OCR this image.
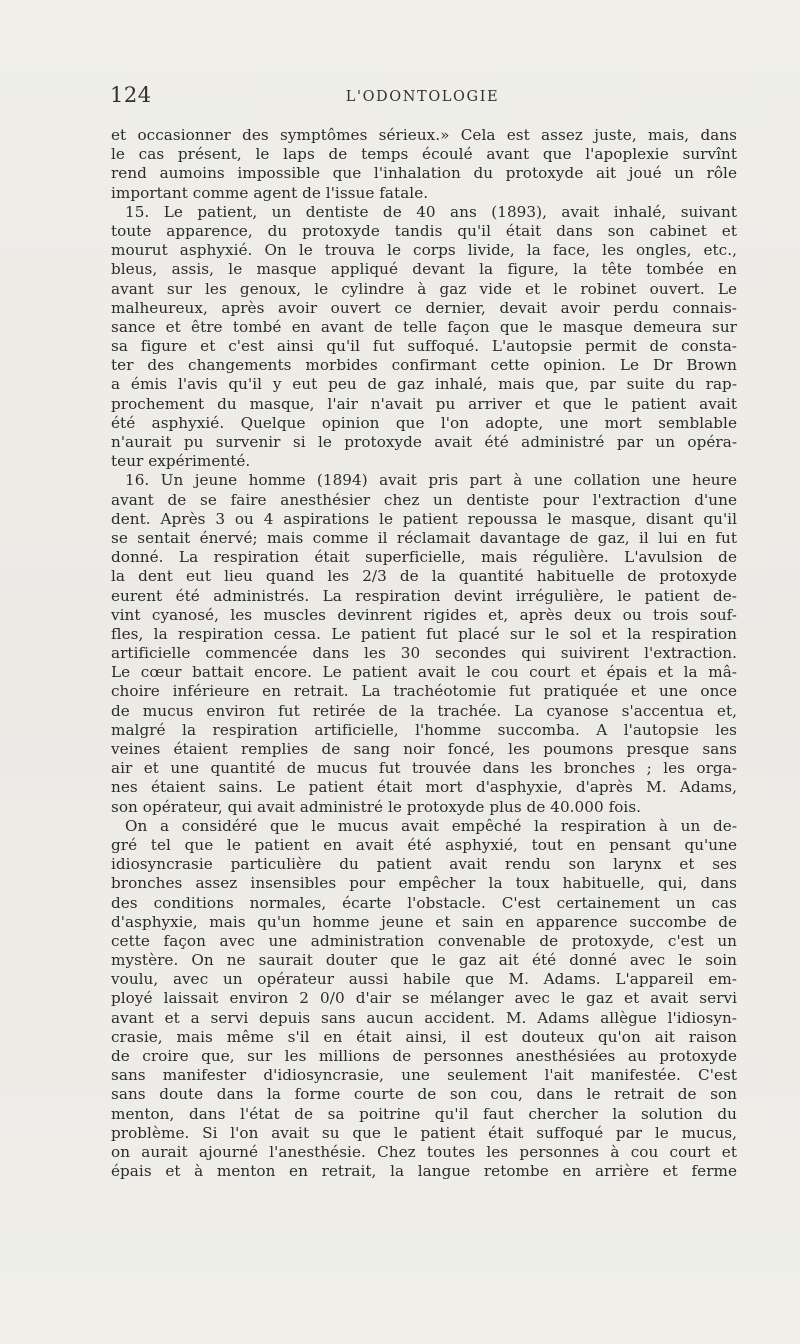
124	L'ODONTOLOGIE
et occasionner des symptômes sérieux.» Cela est assez juste, mais, dans
le cas présent, le laps de temps écoulé avant que l'apoplexie survînt
rend aumoins impossible que l'inhalation du protoxyde ait joué un rôle
important comme agent de l'issue fatale.
15. Le patient, un dentiste de 40 ans (1893), avait inhalé, suivant
toute apparence, du protoxyde tandis qu'il était dans son cabinet et
mourut asphyxié. On le trouva le corps livide, la face, les ongles, etc.,
bleus, assis, le masque appliqué devant la figure, la tête tombée en
avant sur les genoux, le cylindre à gaz vide et le robinet ouvert. Le
malheureux, après avoir ouvert ce dernier, devait avoir perdu connais-
sance et être tombé en avant de telle façon que le masque demeura sur
sa figure et c'est ainsi qu'il fut suffoqué. L'autopsie permit de consta-
ter des changements morbides confirmant cette opinion. Le Dr Brown
a émis l'avis qu'il y eut peu de gaz inhalé, mais que, par suite du rap-
prochement du masque, l'air n'avait pu arriver et que le patient avait
été asphyxié. Quelque opinion que l'on adopte, une mort semblable
n'aurait pu survenir si le protoxyde avait été administré par un opéra-
teur expérimenté.
16. Un jeune homme (1894) avait pris part à une collation une heure
avant de se faire anesthésier chez un dentiste pour l'extraction d'une
dent. Après 3 ou 4 aspirations le patient repoussa le masque, disant qu'il
se sentait énervé; mais comme il réclamait davantage de gaz, il lui en fut
donné. La respiration était superficielle, mais régulière. L'avulsion de
la dent eut lieu quand les 2/3 de la quantité habituelle de protoxyde
eurent été administrés. La respiration devint irrégulière, le patient de-
vint cyanosé, les muscles devinrent rigides et, après deux ou trois souf-
fles, la respiration cessa. Le patient fut placé sur le sol et la respiration
artificielle commencée dans les 30 secondes qui suivirent l'extraction.
Le cœur battait encore. Le patient avait le cou court et épais et la mâ-
choire inférieure en retrait. La trachéotomie fut pratiquée et une once
de mucus environ fut retirée de la trachée. La cyanose s'accentua et,
malgré la respiration artificielle, l'homme succomba. A l'autopsie les
veines étaient remplies de sang noir foncé, les poumons presque sans
air et une quantité de mucus fut trouvée dans les bronches ; les orga-
nes étaient sains. Le patient était mort d'asphyxie, d'après M. Adams,
son opérateur, qui avait administré le protoxyde plus de 40.000 fois.
On a considéré que le mucus avait empêché la respiration à un de-
gré tel que le patient en avait été asphyxié, tout en pensant qu'une
idiosyncrasie particulière du patient avait rendu son larynx et ses
bronches assez insensibles pour empêcher la toux habituelle, qui, dans
des conditions normales, écarte l'obstacle. C'est certainement un cas
d'asphyxie, mais qu'un homme jeune et sain en apparence succombe de
cette façon avec une administration convenable de protoxyde, c'est un
mystère. On ne saurait douter que le gaz ait été donné avec le soin
voulu, avec un opérateur aussi habile que M. Adams. L'appareil em-
ployé laissait environ 2 0/0 d'air se mélanger avec le gaz et avait servi
avant et a servi depuis sans aucun accident. M. Adams allègue l'idiosyn-
crasie, mais même s'il en était ainsi, il est douteux qu'on ait raison
de croire que, sur les millions de personnes anesthésiées au protoxyde
sans manifester d'idiosyncrasie, une seulement l'ait manifestée. C'est
sans doute dans la forme courte de son cou, dans le retrait de son
menton, dans l'état de sa poitrine qu'il faut chercher la solution du
problème. Si l'on avait su que le patient était suffoqué par le mucus,
on aurait ajourné l'anesthésie. Chez toutes les personnes à cou court et
épais et à menton en retrait, la langue retombe en arrière et ferme
